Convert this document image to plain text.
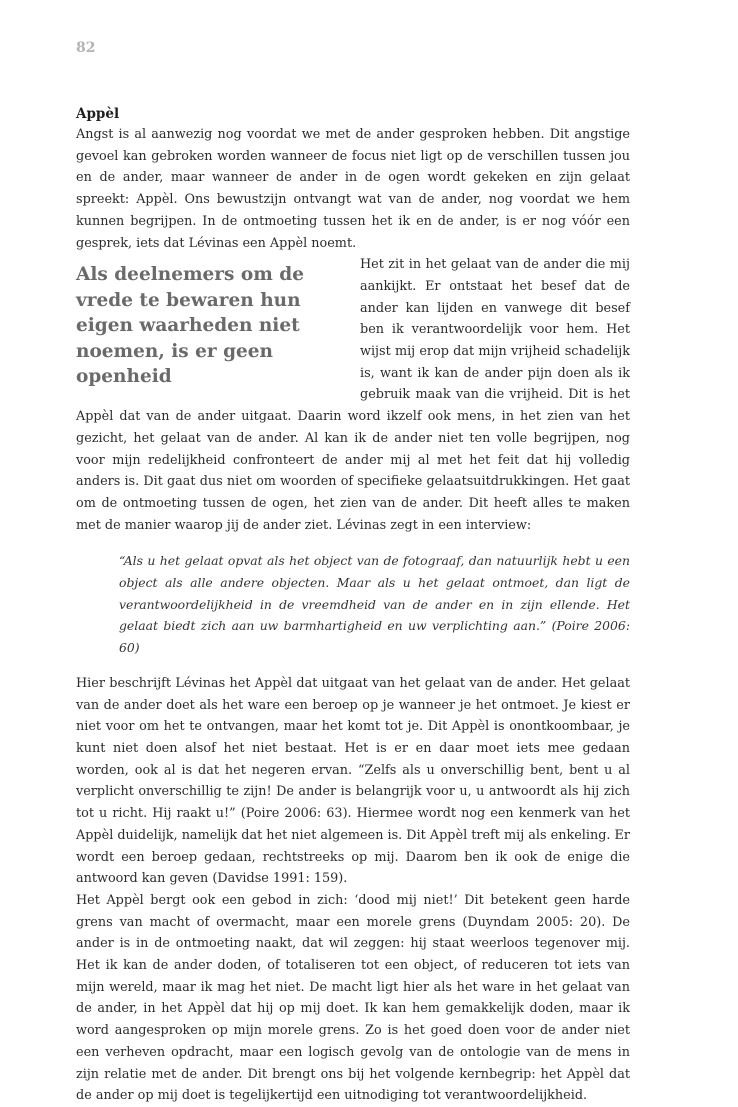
82
Appèl

Angst is al aanwezig nog voordat we met de ander gesproken hebben. Dit angstige gevoel kan gebroken worden wanneer de focus niet ligt op de verschillen tussen jou en de ander, maar wanneer de ander in de ogen wordt gekeken en zijn gelaat spreekt: Appèl. Ons bewustzijn ontvangt wat van de ander, nog voordat we hem kunnen begrijpen. In de ontmoeting tussen het ik en de ander, is er nog vóór een gesprek, iets dat Lévinas een Appèl noemt.

Als deelnemers om de vrede te bewaren hun eigen waarheden niet noemen, is er geen openheid

Het zit in het gelaat van de ander die mij aankijkt. Er ontstaat het besef dat de ander kan lijden en vanwege dit besef ben ik verantwoordelijk voor hem. Het wijst mij erop dat mijn vrijheid schadelijk is, want ik kan de ander pijn doen als ik gebruik maak van die vrijheid. Dit is het Appèl dat van de ander uitgaat. Daarin word ikzelf ook mens, in het zien van het gezicht, het gelaat van de ander. Al kan ik de ander niet ten volle begrijpen, nog voor mijn redelijkheid confronteert de ander mij al met het feit dat hij volledig anders is. Dit gaat dus niet om woorden of specifieke gelaatsuitdrukkingen. Het gaat om de ontmoeting tussen de ogen, het zien van de ander. Dit heeft alles te maken met de manier waarop jij de ander ziet. Lévinas zegt in een interview:

“Als u het gelaat opvat als het object van de fotograaf, dan natuurlijk hebt u een object als alle andere objecten. Maar als u het gelaat ontmoet, dan ligt de verantwoordelijkheid in de vreemdheid van de ander en in zijn ellende. Het gelaat biedt zich aan uw barmhartigheid en uw verplichting aan.” (Poire 2006: 60)

Hier beschrijft Lévinas het Appèl dat uitgaat van het gelaat van de ander. Het gelaat van de ander doet als het ware een beroep op je wanneer je het ontmoet. Je kiest er niet voor om het te ontvangen, maar het komt tot je. Dit Appèl is onontkoombaar, je kunt niet doen alsof het niet bestaat. Het is er en daar moet iets mee gedaan worden, ook al is dat het negeren ervan. “Zelfs als u onverschillig bent, bent u al verplicht onverschillig te zijn! De ander is belangrijk voor u, u antwoordt als hij zich tot u richt. Hij raakt u!” (Poire 2006: 63). Hiermee wordt nog een kenmerk van het Appèl duidelijk, namelijk dat het niet algemeen is. Dit Appèl treft mij als enkeling. Er wordt een beroep gedaan, rechtstreeks op mij. Daarom ben ik ook de enige die antwoord kan geven (Davidse 1991: 159).

Het Appèl bergt ook een gebod in zich: ‘dood mij niet!’ Dit betekent geen harde grens van macht of overmacht, maar een morele grens (Duyndam 2005: 20). De ander is in de ontmoeting naakt, dat wil zeggen: hij staat weerloos tegenover mij. Het ik kan de ander doden, of totaliseren tot een object, of reduceren tot iets van mijn wereld, maar ik mag het niet. De macht ligt hier als het ware in het gelaat van de ander, in het Appèl dat hij op mij doet. Ik kan hem gemakkelijk doden, maar ik word aangesproken op mijn morele grens. Zo is het goed doen voor de ander niet een verheven opdracht, maar een logisch gevolg van de ontologie van de mens in zijn relatie met de ander. Dit brengt ons bij het volgende kernbegrip: het Appèl dat de ander op mij doet is tegelijkertijd een uitnodiging tot verantwoordelijkheid.
